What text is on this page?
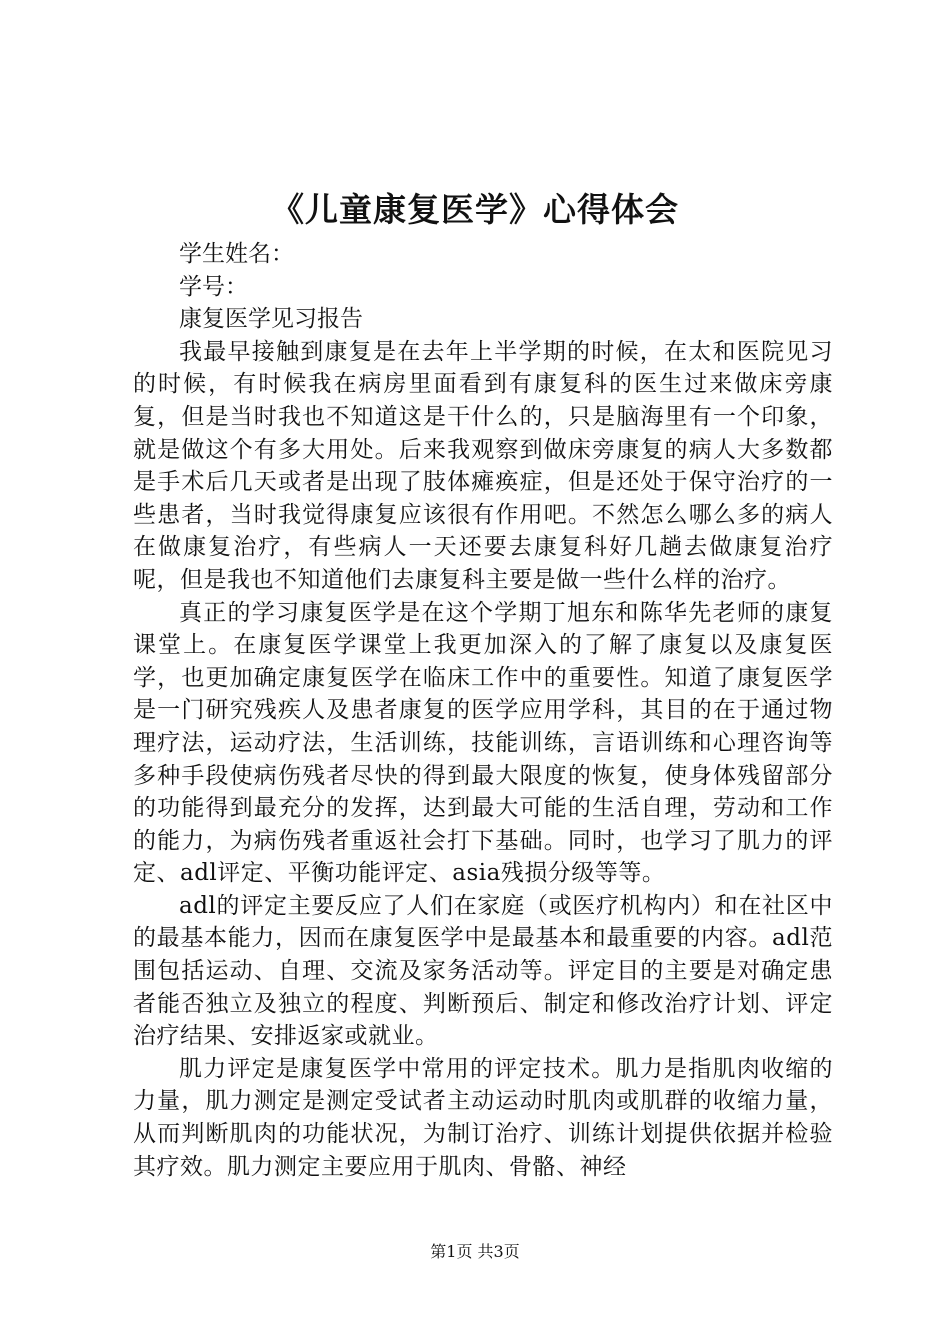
《儿童康复医学》心得体会

学生姓名：

学号：

康复医学见习报告

我最早接触到康复是在去年上半学期的时候，在太和医院见习的时候，有时候我在病房里面看到有康复科的医生过来做床旁康复，但是当时我也不知道这是干什么的，只是脑海里有一个印象，就是做这个有多大用处。后来我观察到做床旁康复的病人大多数都是手术后几天或者是出现了肢体瘫痪症，但是还处于保守治疗的一些患者，当时我觉得康复应该很有作用吧。不然怎么哪么多的病人在做康复治疗，有些病人一天还要去康复科好几趟去做康复治疗呢，但是我也不知道他们去康复科主要是做一些什么样的治疗。

真正的学习康复医学是在这个学期丁旭东和陈华先老师的康复课堂上。在康复医学课堂上我更加深入的了解了康复以及康复医学，也更加确定康复医学在临床工作中的重要性。知道了康复医学是一门研究残疾人及患者康复的医学应用学科，其目的在于通过物理疗法，运动疗法，生活训练，技能训练，言语训练和心理咨询等多种手段使病伤残者尽快的得到最大限度的恢复，使身体残留部分的功能得到最充分的发挥，达到最大可能的生活自理，劳动和工作的能力，为病伤残者重返社会打下基础。同时，也学习了肌力的评定、adl评定、平衡功能评定、asia残损分级等等。

adl的评定主要反应了人们在家庭（或医疗机构内）和在社区中的最基本能力，因而在康复医学中是最基本和最重要的内容。adl范围包括运动、自理、交流及家务活动等。评定目的主要是对确定患者能否独立及独立的程度、判断预后、制定和修改治疗计划、评定治疗结果、安排返家或就业。

肌力评定是康复医学中常用的评定技术。肌力是指肌肉收缩的力量，肌力测定是测定受试者主动运动时肌肉或肌群的收缩力量，从而判断肌肉的功能状况，为制订治疗、训练计划提供依据并检验其疗效。肌力测定主要应用于肌肉、骨骼、神经

第1页 共3页
